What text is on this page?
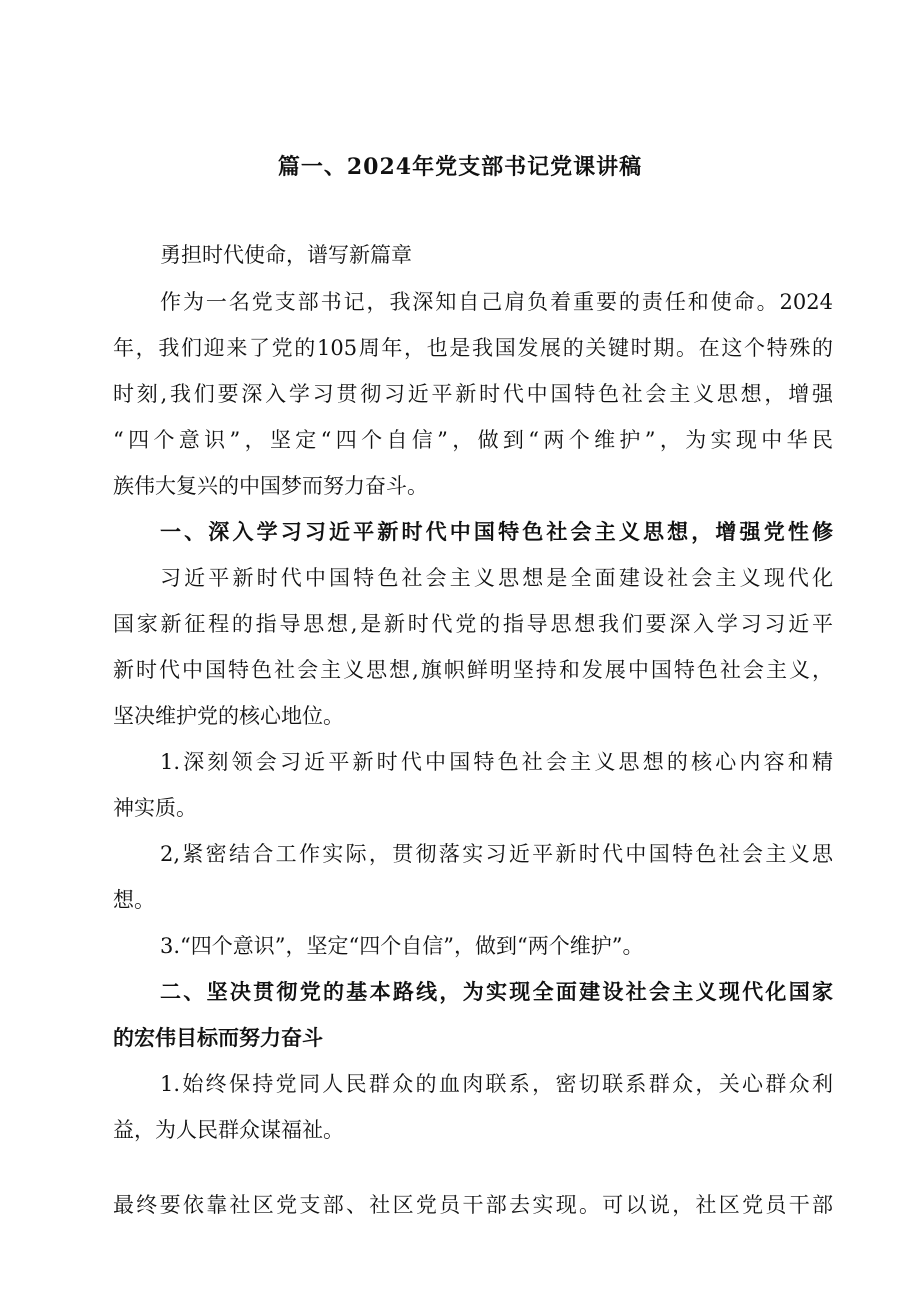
篇一、2024年党支部书记党课讲稿
勇担时代使命，谱写新篇章
作为一名党支部书记，我深知自己肩负着重要的责任和使命。2024
年，我们迎来了党的105周年，也是我国发展的关键时期。在这个特殊的
时刻,我们要深入学习贯彻习近平新时代中国特色社会主义思想，增强
“四个意识”，坚定“四个自信”，做到“两个维护”，为实现中华民
族伟大复兴的中国梦而努力奋斗。
一、深入学习习近平新时代中国特色社会主义思想，增强党性修
习近平新时代中国特色社会主义思想是全面建设社会主义现代化
国家新征程的指导思想,是新时代党的指导思想我们要深入学习习近平
新时代中国特色社会主义思想,旗帜鲜明坚持和发展中国特色社会主义，
坚决维护党的核心地位。
1.深刻领会习近平新时代中国特色社会主义思想的核心内容和精
神实质。
2,紧密结合工作实际，贯彻落实习近平新时代中国特色社会主义思
想。
3.“四个意识”，坚定“四个自信”，做到“两个维护”。
二、坚决贯彻党的基本路线，为实现全面建设社会主义现代化国家
的宏伟目标而努力奋斗
1.始终保持党同人民群众的血肉联系，密切联系群众，关心群众利
益，为人民群众谋福祉。
最终要依靠社区党支部、社区党员干部去实现。可以说，社区党员干部
